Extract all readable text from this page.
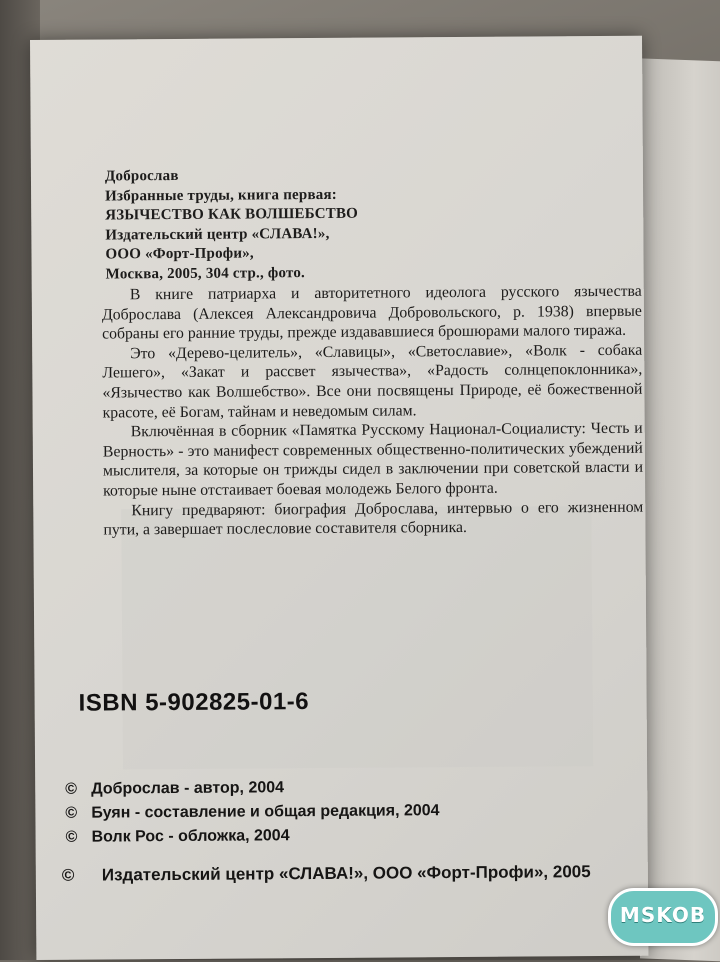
Доброслав
Избранные труды, книга первая:
ЯЗЫЧЕСТВО КАК ВОЛШЕБСТВО
Издательский центр «СЛАВА!»,
ООО «Форт-Профи»,
Москва, 2005, 304 стр., фото.

В книге патриарха и авторитетного идеолога русского язычества Доброслава (Алексея Александровича Добровольского, р. 1938) впервые собраны его ранние труды, прежде издававшиеся брошюрами малого тиража.

Это «Дерево-целитель», «Славицы», «Светославие», «Волк - собака Лешего», «Закат и рассвет язычества», «Радость солнцепоклонника», «Язычество как Волшебство». Все они посвящены Природе, её божественной красоте, её Богам, тайнам и неведомым силам.

Включённая в сборник «Памятка Русскому Национал-Социалисту: Честь и Верность» - это манифест современных общественно-политических убеждений мыслителя, за которые он трижды сидел в заключении при советской власти и которые ныне отстаивает боевая молодежь Белого фронта.

Книгу предваряют: биография Доброслава, интервью о его жизненном пути, а завершает послесловие составителя сборника.

ISBN 5-902825-01-6
© Доброслав - автор, 2004
© Буян - составление и общая редакция, 2004
© Волк Рос - обложка, 2004
© Издательский центр «СЛАВА!», ООО «Форт-Профи», 2005
MSKOB
